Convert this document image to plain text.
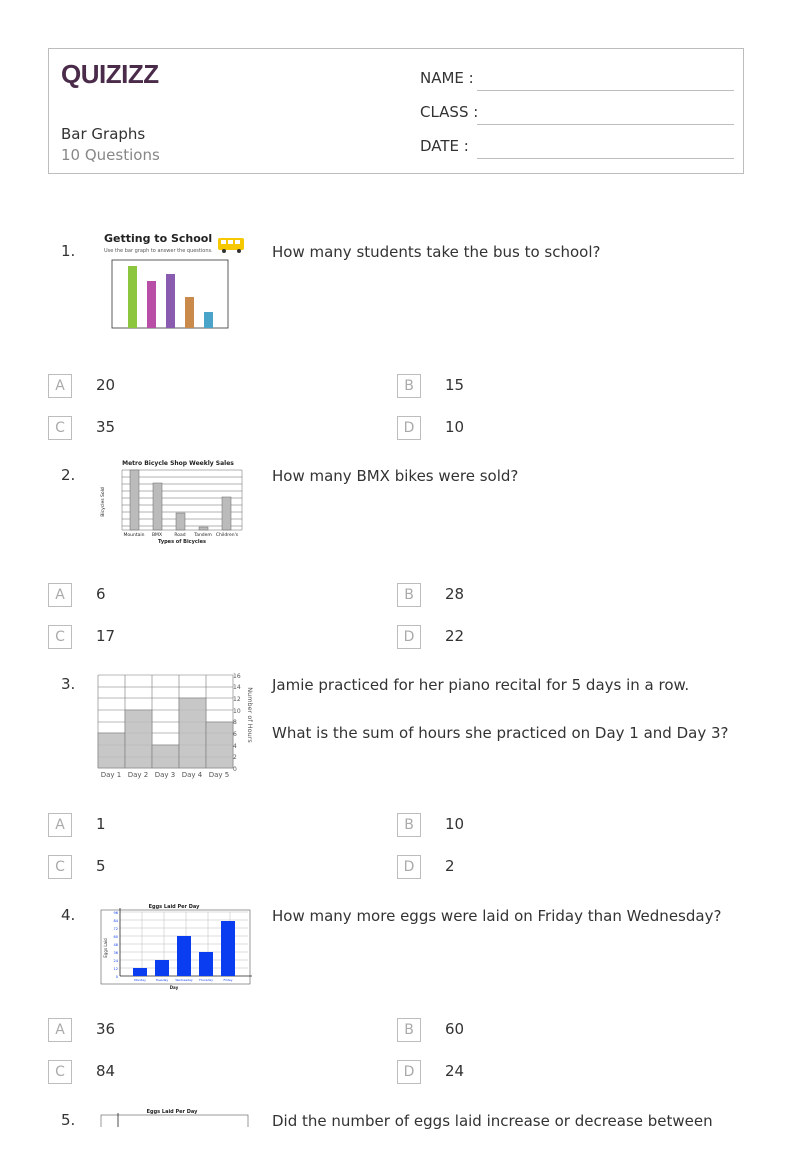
QUIZIZZ
Bar Graphs
10 Questions
NAME :
CLASS :
DATE :
1.
Getting to School
Use the bar graph to answer the questions.	How many students take the bus to school?

A	20	B	15
C	35	D	10
2.
Metro Bicycle Shop Weekly Sales
Bicycles Sold
Mountain BMX	Road Tandem Children's
Types of Bicycles

How many BMX bikes were sold?

A	6	B	28
C	17	D	22
3.	16
14
12
10
8
6
4
2
0
Number of Hours
Day 1 Day 2 Day 3 Day 4 Day 5

Jamie practiced for her piano recital for 5 days in a row.

What is the sum of hours she practiced on Day 1 and Day 3?

A	1	B	10
C	5	D	2
4.	Eggs Laid Per Day
96
84
72
60
48
36
24
12
0
Eggs Laid
Monday	Tuesday Wednesday	Thursday	Friday
Day

How many more eggs were laid on Friday than Wednesday?

A	36	B	60
C	84	D	24
5.	Eggs Laid Per Day	Did the number of eggs laid increase or decrease between
